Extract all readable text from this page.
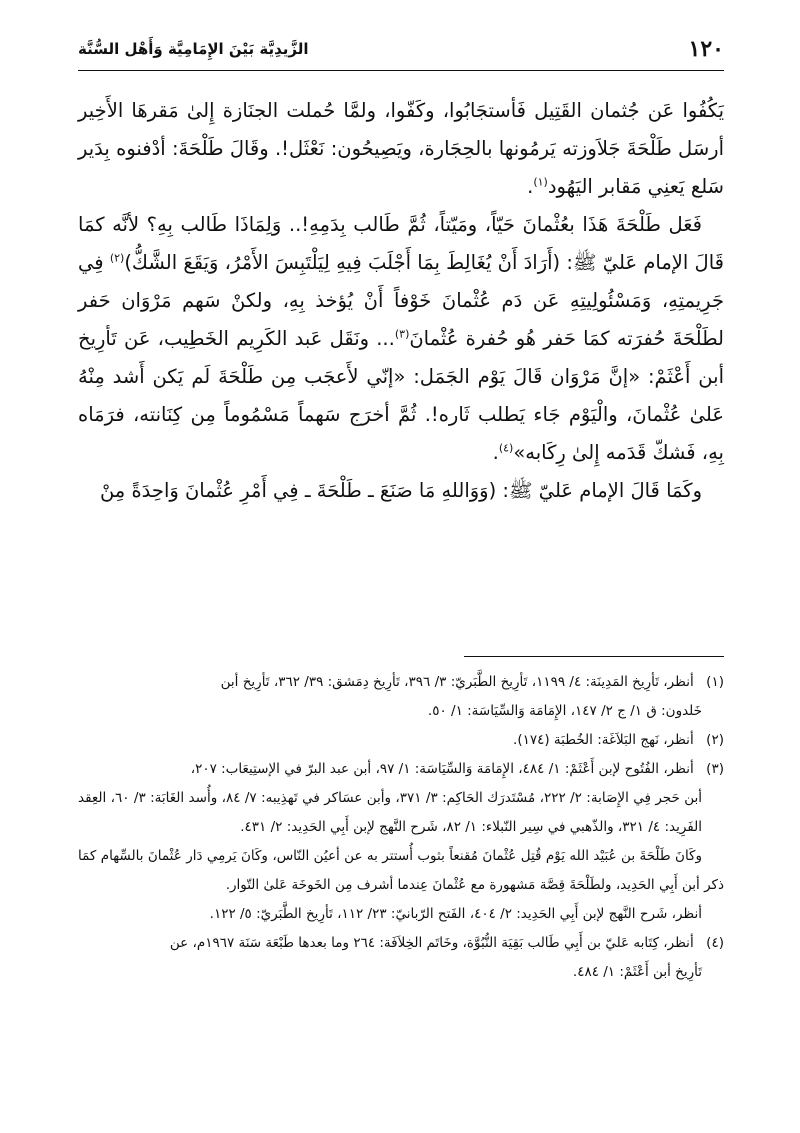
١٢٠
الزَّيدِيَّة بَيْنَ الإِمَامِيَّة وَأَهْل السُّنَّة

يَكُفُوا عَن جُثمان القَتِيل فَأستجَابُوا، وكَفّوا، ولمَّا حُملت الجنَازة إِلىٰ مَقرهَا الأَخِير أرسَل طَلْحَةَ جَلاَوزته يَرمُونها بالحِجَارة، ويَصِيحُون: نَعْثَل!. وقَالَ طَلْحَةَ: أدْفنوه بِدَير سَلع يَعنِي مَقابر اليَهُود$^{(١)}$.

فَعَل طَلْحَةَ هَذَا بعُثْمانَ حَيّاً، ومَيّتاً، ثُمَّ طَالب بِدَمِهِ!.. وَلِمَاذَا طَالب بِهِ؟ لأنَّه كمَا قَالَ الإمام عَليّ ﷺ: (أَرَادَ أَنْ يُغَالِطَ بِمَا أَجْلَبَ فِيهِ لِيَلْتَبِسَ الأَمْرُ، وَيَقَعَ الشَّكُّ)$^{(٢)}$ فِي جَرِيمتِهِ، وَمَسْئُولِيتِهِ عَن دَم عُثْمانَ خَوْفاً أَنْ يُؤخذ بِهِ، ولكنْ سَهم مَرْوَان حَفر لطَلْحَةَ حُفرَته كمَا حَفر هُو حُفرة عُثْمانَ$^{(٣)}$... ونَقَل عَبد الكَرِيم الخَطِيب، عَن تَأرِيخ أبن أَعْثَمْ: «إنَّ مَرْوَان قَالَ يَوْم الجَمَل: «إنّي لأَعجَب مِن طَلْحَةَ لَم يَكن أَشد مِنْهُ عَلىٰ عُثْمانَ، والْيَوْم جَاء يَطلب ثَاره!. ثُمَّ أخرَج سَهماً مَسْمُوماً مِن كِنَانته، فرَمَاه بِهِ، فَشكّ قَدَمه إِلىٰ رِكَابه»$^{(٤)}$.

وكَمَا قَالَ الإمام عَليّ ﷺ: (وَوَاللهِ مَا صَنَعَ ـ طَلْحَةَ ـ فِي أَمْرِ عُثْمانَ وَاحِدَةً مِنْ

(١) أنظر، تَأرِيخ المَدِينَة: ٤/ ١١٩٩، تَأرِيخ الطَّبَريّ: ٣/ ٣٩٦، تَأرِيخ دِمَشق: ٣٩/ ٣٦٢، تَأرِيخ أبن

خَلدون: ق ١/ ج ٢/ ١٤٧، الإِمَامَة وَالسِّيَاسَة: ١/ ٥٠.

(٢) أنظر، نَهج البَلاَغَة: الخُطبَة (١٧٤).

(٣) أنظر، الفُتُوح لإبن أَعْثَمْ: ١/ ٤٨٤، الإِمَامَة وَالسِّيَاسَة: ١/ ٩٧، أبن عبد البرّ في الإستِيعَاب: ٢٠٧،

أبن حَجر فِي الإِصَابة: ٢/ ٢٢٢، مُسْتَدرَك الحَاكِم: ٣/ ٣٧١، وأبن عسَاكر في تَهذِيبه: ٧/ ٨٤، وأُسد الغَابَة: ٣/ ٦٠، العِقد الفَرِيد: ٤/ ٣٢١، والذّهبي في سِير النّبلاء: ١/ ٨٢، شَرح النَّهج لإبن أَبِي الحَدِيد: ٢/ ٤٣١.

وكَانَ طَلْحَةَ بن عُبَيْد الله يَوْم قُتِل عُثْمانَ مُقنعاً بثوب أُستتر به عن أعيُن النّاس، وكَانَ يَرمِي دَار عُثْمانَ بالسِّهام كمَا ذكر أبن أَبِي الحَدِيد، ولطَلْحَةَ قِصَّة مَشهورة مع عُثْمانَ عِندما أشرف مِن الخَوخَة عَلىٰ التّوار.

أنظر، شَرح النَّهج لإبن أَبِي الحَدِيد: ٢/ ٤٠٤، الفَتح الرّبانيّ: ٢٣/ ١١٢، تَأرِيخ الطَّبَريّ: ٥/ ١٢٢.

(٤) أنظر، كِتَابه عَليّ بن أَبِي طَالب بَقِيَة النُّبُوَّة، وخَاتَم الخِلاَفَة: ٢٦٤ وما بعدها طَبْعَة سَنَة ١٩٦٧م، عن

تَأرِيخ أبن أَعْثَمْ: ١/ ٤٨٤.
